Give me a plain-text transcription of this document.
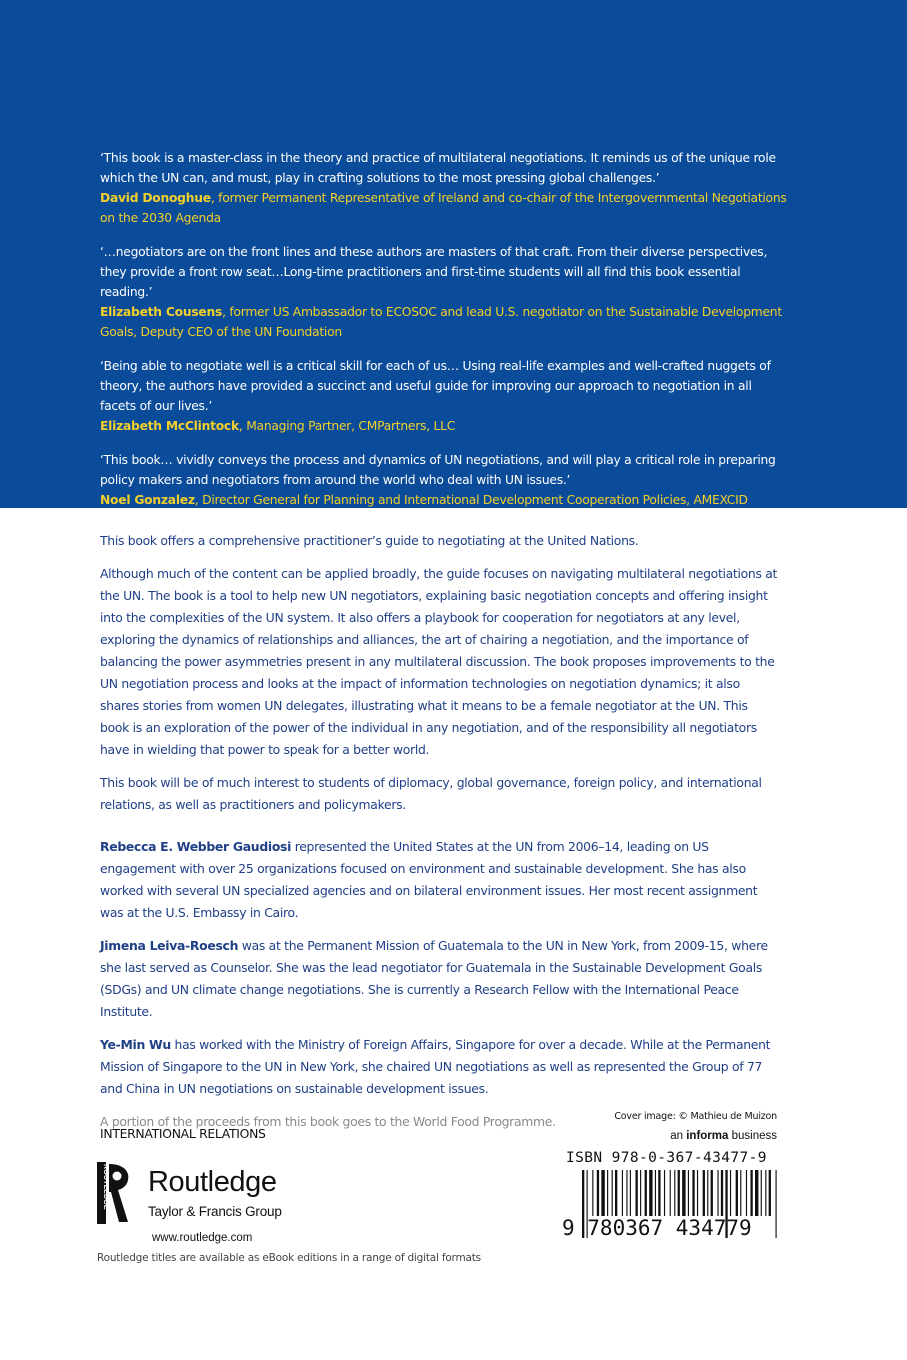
‘This book is a master-class in the theory and practice of multilateral negotiations. It reminds us of the unique role which the UN can, and must, play in crafting solutions to the most pressing global challenges.’
David Donoghue, former Permanent Representative of Ireland and co-chair of the Intergovernmental Negotiations on the 2030 Agenda
‘…negotiators are on the front lines and these authors are masters of that craft. From their diverse perspectives, they provide a front row seat…Long-time practitioners and first-time students will all find this book essential reading.’
Elizabeth Cousens, former US Ambassador to ECOSOC and lead U.S. negotiator on the Sustainable Development Goals, Deputy CEO of the UN Foundation
‘Being able to negotiate well is a critical skill for each of us… Using real-life examples and well-crafted nuggets of theory, the authors have provided a succinct and useful guide for improving our approach to negotiation in all facets of our lives.’
Elizabeth McClintock, Managing Partner, CMPartners, LLC
‘This book… vividly conveys the process and dynamics of UN negotiations, and will play a critical role in preparing policy makers and negotiators from around the world who deal with UN issues.’
Noel Gonzalez, Director General for Planning and International Development Cooperation Policies, AMEXCID

This book offers a comprehensive practitioner’s guide to negotiating at the United Nations.

Although much of the content can be applied broadly, the guide focuses on navigating multilateral negotiations at the UN. The book is a tool to help new UN negotiators, explaining basic negotiation concepts and offering insight into the complexities of the UN system. It also offers a playbook for cooperation for negotiators at any level, exploring the dynamics of relationships and alliances, the art of chairing a negotiation, and the importance of balancing the power asymmetries present in any multilateral discussion. The book proposes improvements to the UN negotiation process and looks at the impact of information technologies on negotiation dynamics; it also shares stories from women UN delegates, illustrating what it means to be a female negotiator at the UN. This book is an exploration of the power of the individual in any negotiation, and of the responsibility all negotiators have in wielding that power to speak for a better world.

This book will be of much interest to students of diplomacy, global governance, foreign policy, and international relations, as well as practitioners and policymakers.

Rebecca E. Webber Gaudiosi represented the United States at the UN from 2006–14, leading on US engagement with over 25 organizations focused on environment and sustainable development. She has also worked with several UN specialized agencies and on bilateral environment issues. Her most recent assignment was at the U.S. Embassy in Cairo.

Jimena Leiva-Roesch was at the Permanent Mission of Guatemala to the UN in New York, from 2009-15, where she last served as Counselor. She was the lead negotiator for Guatemala in the Sustainable Development Goals (SDGs) and UN climate change negotiations. She is currently a Research Fellow with the International Peace Institute.

Ye-Min Wu has worked with the Ministry of Foreign Affairs, Singapore for over a decade. While at the Permanent Mission of Singapore to the UN in New York, she chaired UN negotiations as well as represented the Group of 77 and China in UN negotiations on sustainable development issues.

A portion of the proceeds from this book goes to the World Food Programme.
INTERNATIONAL RELATIONS
ROUTLEDGE Routledge
Taylor & Francis Group
www.routledge.com
Routledge titles are available as eBook editions in a range of digital formats
Cover image: © Mathieu de Muizon
an informa business
ISBN 978-0-367-43477-9
9 780367 434779
